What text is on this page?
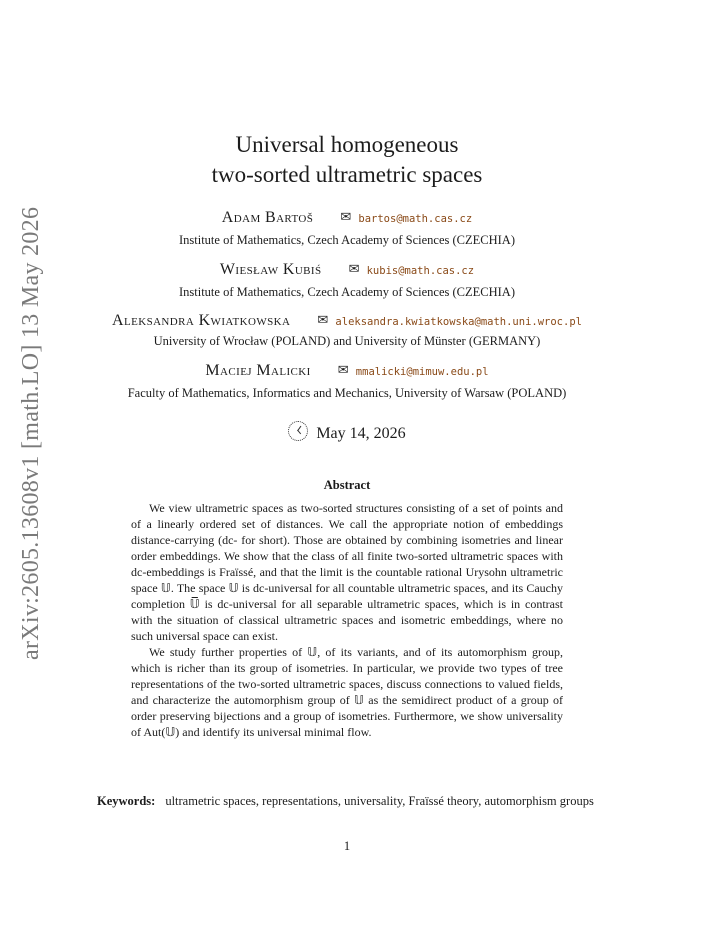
arXiv:2605.13608v1 [math.LO] 13 May 2026
Universal homogeneous
two-sorted ultrametric spaces
Adam Bartoš ✉ bartos@math.cas.cz
Institute of Mathematics, Czech Academy of Sciences (CZECHIA)
Wiesław Kubiś ✉ kubis@math.cas.cz
Institute of Mathematics, Czech Academy of Sciences (CZECHIA)
Aleksandra Kwiatkowska ✉ aleksandra.kwiatkowska@math.uni.wroc.pl
University of Wrocław (POLAND) and University of Münster (GERMANY)
Maciej Malicki ✉ mmalicki@mimuw.edu.pl
Faculty of Mathematics, Informatics and Mechanics, University of Warsaw (POLAND)
May 14, 2026
Abstract

We view ultrametric spaces as two-sorted structures consisting of a set of points and of a linearly ordered set of distances. We call the appropriate notion of embeddings distance-carrying (dc- for short). Those are obtained by combining isometries and linear order embeddings. We show that the class of all finite two-sorted ultrametric spaces with dc-embeddings is Fraïssé, and that the limit is the countable rational Urysohn ultrametric space 𝕌. The space 𝕌 is dc-universal for all countable ultrametric spaces, and its Cauchy completion 𝕌̅ is dc-universal for all separable ultrametric spaces, which is in contrast with the situation of classical ultrametric spaces and isometric embeddings, where no such universal space can exist.

We study further properties of 𝕌, of its variants, and of its automorphism group, which is richer than its group of isometries. In particular, we provide two types of tree representations of the two-sorted ultrametric spaces, discuss connections to valued fields, and characterize the automorphism group of 𝕌 as the semidirect product of a group of order preserving bijections and a group of isometries. Furthermore, we show universality of Aut(𝕌) and identify its universal minimal flow.

Keywords: ultrametric spaces, representations, universality, Fraïssé theory, automorphism groups
1
